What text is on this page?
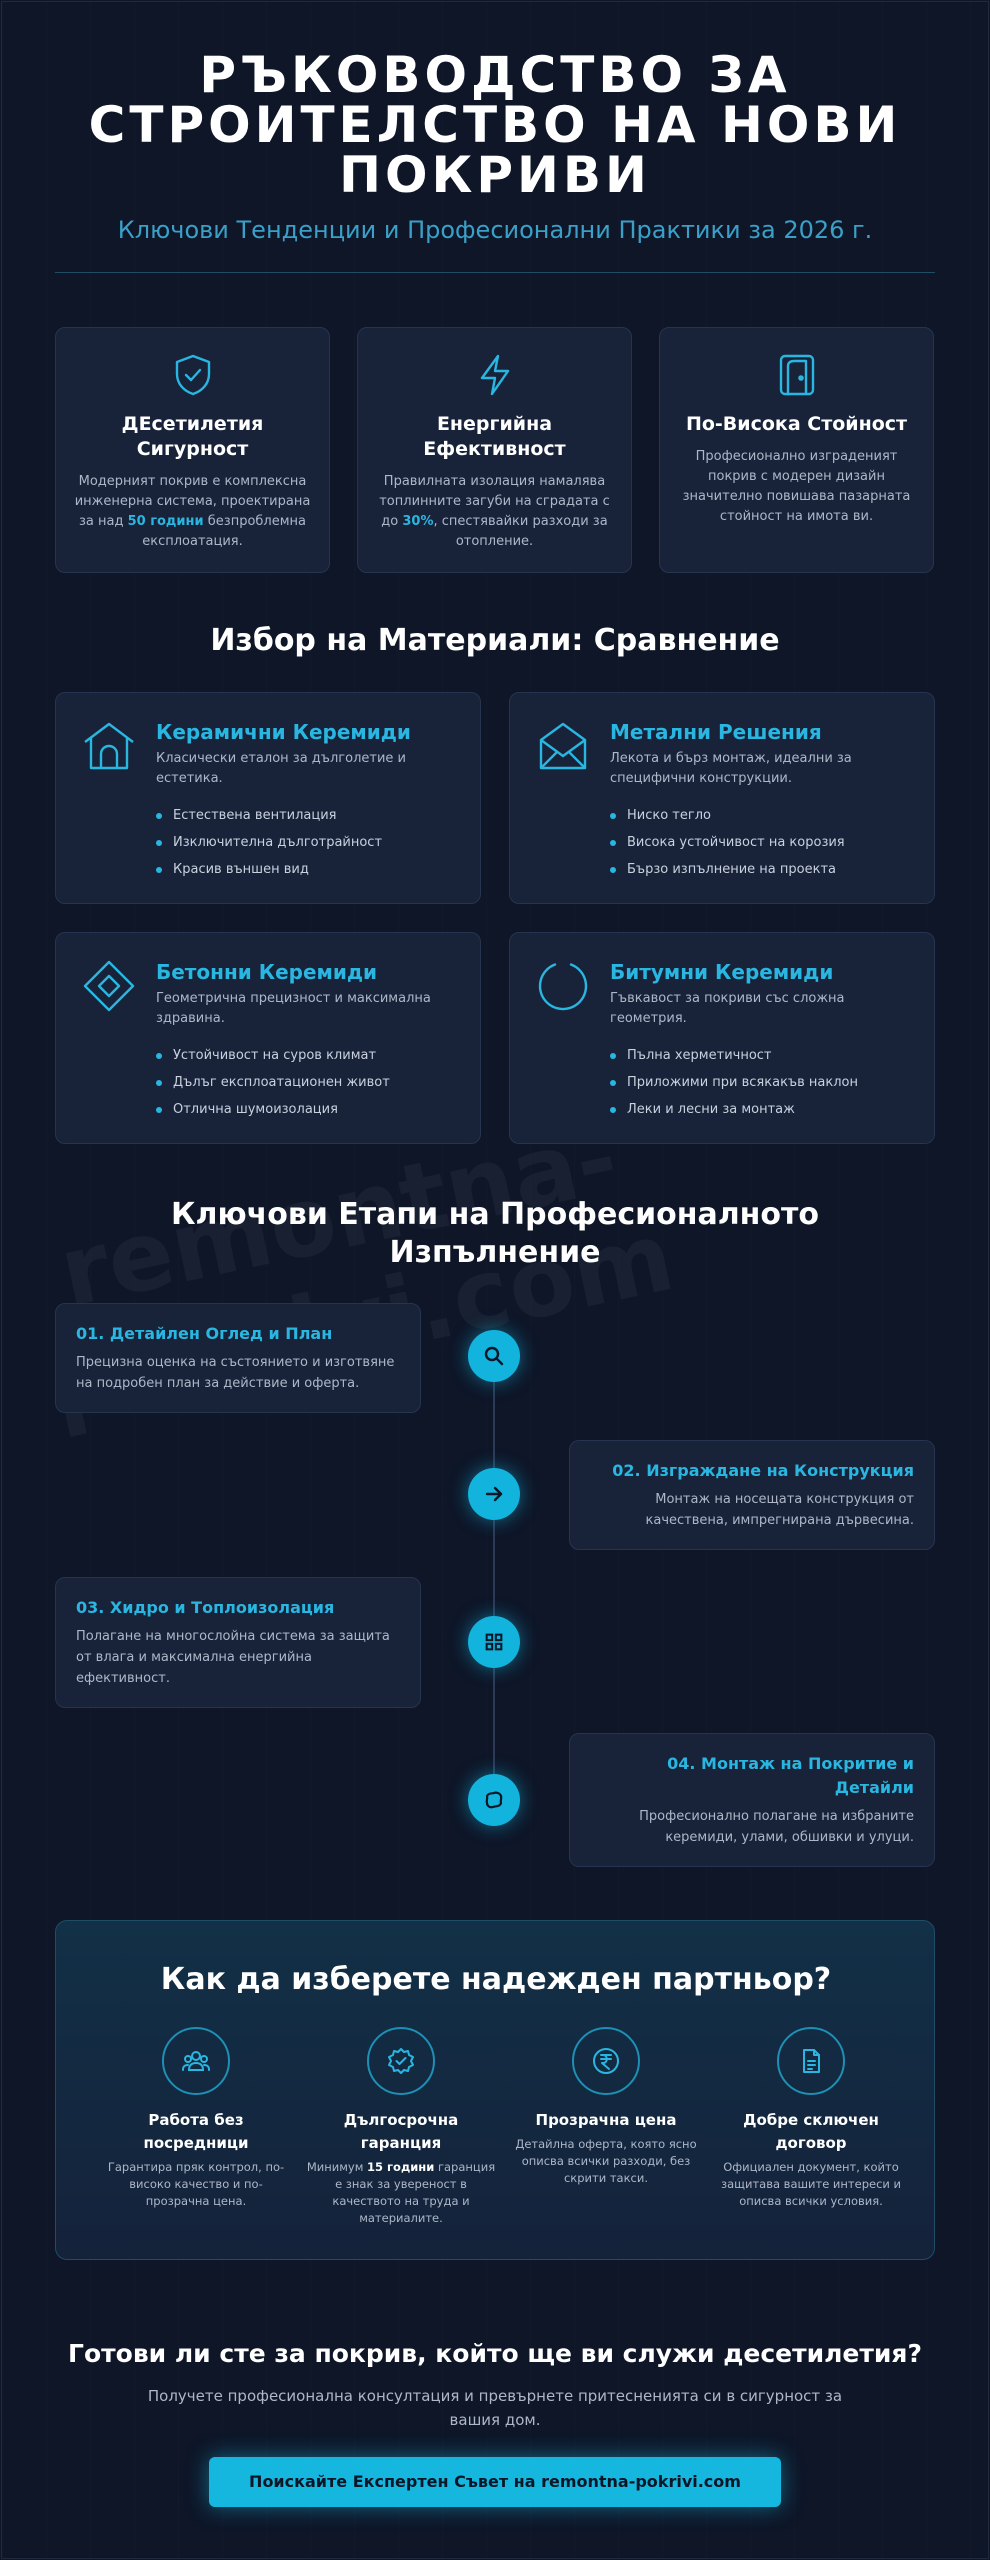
РЪКОВОДСТВО ЗА СТРОИТЕЛСТВО НА НОВИ ПОКРИВИ
Ключови Тенденции и Професионални Практики за 2026 г.
ДЕсетилетия Сигурност

Модерният покрив е комплексна инженерна система, проектирана за над 50 години безпроблемна експлоатация.

Енергийна Ефективност

Правилната изолация намалява топлинните загуби на сградата с до 30%, спестявайки разходи за отопление.

По-Висока Стойност

Професионално изграденият покрив с модерен дизайн значително повишава пазарната стойност на имота ви.

Избор на Материали: Сравнение
Керамични Керемиди
Класически еталон за дълголетие и естетика.
Естествена вентилация
Изключителна дълготрайност
Красив външен вид
Метални Решения
Лекота и бърз монтаж, идеални за специфични конструкции.
Ниско тегло
Висока устойчивост на корозия
Бързо изпълнение на проекта
Бетонни Керемиди
Геометрична прецизност и максимална здравина.
Устойчивост на суров климат
Дълъг експлоатационен живот
Отлична шумоизолация
Битумни Керемиди
Гъвкавост за покриви със сложна геометрия.
Пълна херметичност
Приложими при всякакъв наклон
Леки и лесни за монтаж
Ключови Етапи на Професионалното Изпълнение
01. Детайлен Оглед и План

Прецизна оценка на състоянието и изготвяне на подробен план за действие и оферта.

02. Изграждане на Конструкция

Монтаж на носещата конструкция от качествена, импрегнирана дървесина.

03. Хидро и Топлоизолация

Полагане на многослойна система за защита от влага и максимална енергийна ефективност.

04. Монтаж на Покритие и Детайли

Професионално полагане на избраните керемиди, улами, обшивки и улуци.

Как да изберете надежден партньор?
Работа без посредници

Гарантира пряк контрол, по-високо качество и по-прозрачна цена.

Дългосрочна гаранция

Минимум 15 години гаранция е знак за увереност в качеството на труда и материалите.

Прозрачна цена

Детайлна оферта, която ясно описва всички разходи, без скрити такси.

Добре сключен договор

Официален документ, който защитава вашите интереси и описва всички условия.

Готови ли сте за покрив, който ще ви служи десетилетия?

Получете професионална консултация и превърнете притесненията си в сигурност за вашия дом.

Поискайте Експертен Съвет на remontna-pokrivi.com
